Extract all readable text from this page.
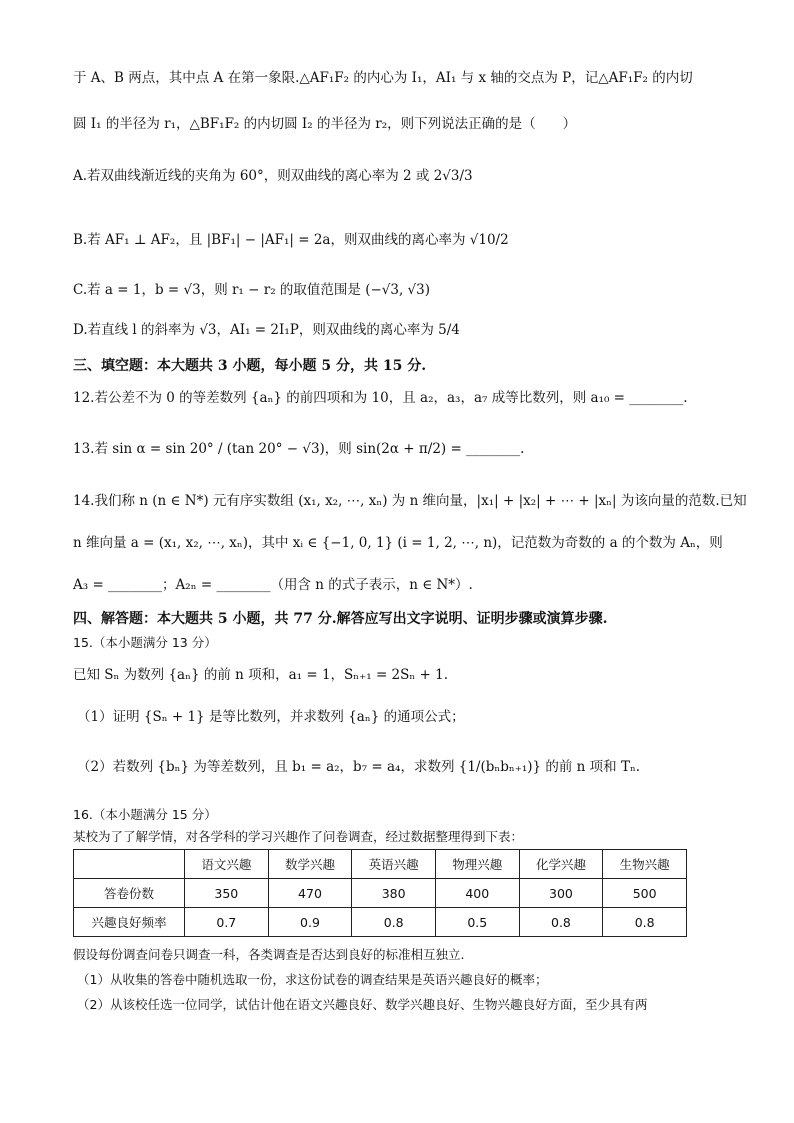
于 A、B 两点，其中点 A 在第一象限.△AF₁F₂ 的内心为 I₁，AI₁ 与 x 轴的交点为 P，记△AF₁F₂ 的内切
圆 I₁ 的半径为 r₁，△BF₁F₂ 的内切圆 I₂ 的半径为 r₂，则下列说法正确的是（　　）
A.若双曲线渐近线的夹角为 60°，则双曲线的离心率为 2 或 2√3/3
B.若 AF₁ ⊥ AF₂，且 |BF₁| − |AF₁| = 2a，则双曲线的离心率为 √10/2
C.若 a = 1，b = √3，则 r₁ − r₂ 的取值范围是 (−√3, √3)
D.若直线 l 的斜率为 √3，AI₁ = 2I₁P，则双曲线的离心率为 5/4
三、填空题：本大题共 3 小题，每小题 5 分，共 15 分.
12.若公差不为 0 的等差数列 {aₙ} 的前四项和为 10，且 a₂，a₃，a₇ 成等比数列，则 a₁₀ = ________.
13.若 sin α = sin 20° / (tan 20° − √3)，则 sin(2α + π/2) = ________.
14.我们称 n (n ∈ N*) 元有序实数组 (x₁, x₂, ⋯, xₙ) 为 n 维向量，|x₁| + |x₂| + ⋯ + |xₙ| 为该向量的范数.已知
n 维向量 a = (x₁, x₂, ⋯, xₙ)，其中 xᵢ ∈ {−1, 0, 1} (i = 1, 2, ⋯, n)，记范数为奇数的 a 的个数为 Aₙ，则
A₃ = ________；A₂ₙ = ________（用含 n 的式子表示，n ∈ N*）.
四、解答题：本大题共 5 小题，共 77 分.解答应写出文字说明、证明步骤或演算步骤.
15.（本小题满分 13 分）
已知 Sₙ 为数列 {aₙ} 的前 n 项和，a₁ = 1，Sₙ₊₁ = 2Sₙ + 1.
（1）证明 {Sₙ + 1} 是等比数列，并求数列 {aₙ} 的通项公式；
（2）若数列 {bₙ} 为等差数列，且 b₁ = a₂，b₇ = a₄，求数列 {1/(bₙbₙ₊₁)} 的前 n 项和 Tₙ.
16.（本小题满分 15 分）
某校为了了解学情，对各学科的学习兴趣作了问卷调查，经过数据整理得到下表：
假设每份调查问卷只调查一科，各类调查是否达到良好的标准相互独立.
（1）从收集的答卷中随机选取一份，求这份试卷的调查结果是英语兴趣良好的概率；
（2）从该校任选一位同学，试估计他在语文兴趣良好、数学兴趣良好、生物兴趣良好方面，至少具有两
	语文兴趣	数学兴趣	英语兴趣	物理兴趣	化学兴趣	生物兴趣
答卷份数	350	470	380	400	300	500
兴趣良好频率	0.7	0.9	0.8	0.5	0.8	0.8
